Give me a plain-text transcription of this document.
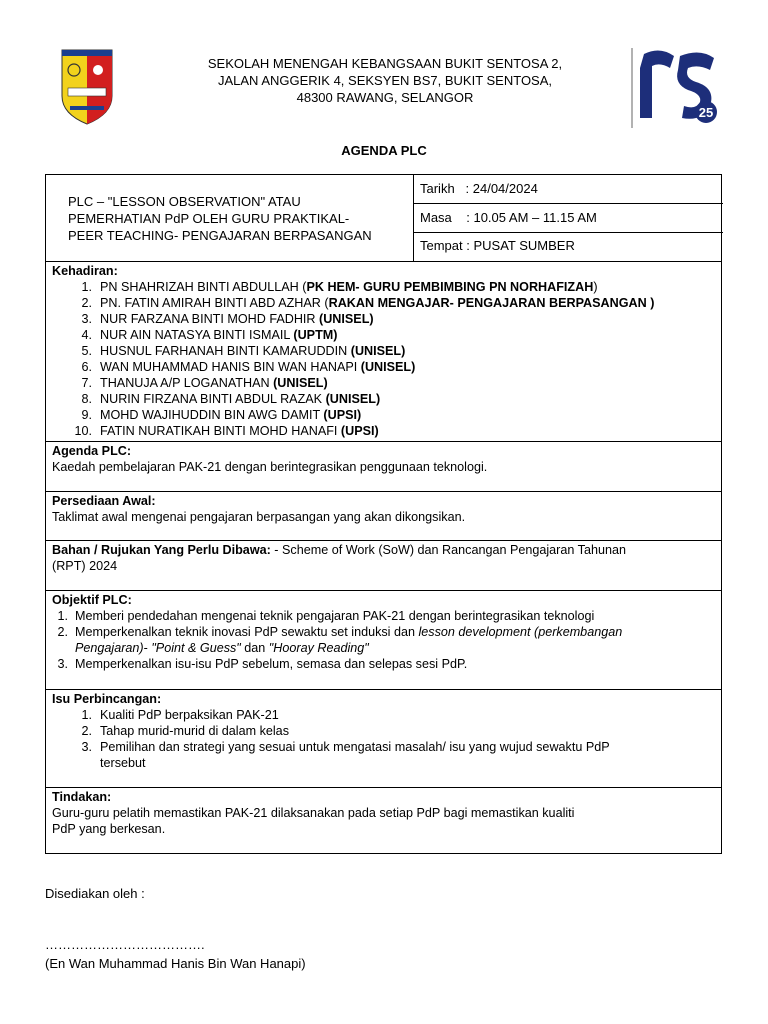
SEKOLAH MENENGAH KEBANGSAAN BUKIT SENTOSA 2,
JALAN ANGGERIK 4, SEKSYEN BS7, BUKIT SENTOSA,
48300 RAWANG, SELANGOR
25
AGENDA PLC
PLC – "LESSON OBSERVATION" ATAU
PEMERHATIAN PdP OLEH GURU PRAKTIKAL-
PEER TEACHING- PENGAJARAN BERPASANGAN
Tarikh : 24/04/2024
Masa : 10.05 AM – 11.15 AM
Tempat : PUSAT SUMBER
Kehadiran:
1. PN SHAHRIZAH BINTI ABDULLAH (PK HEM- GURU PEMBIMBING PN NORHAFIZAH)
2. PN. FATIN AMIRAH BINTI ABD AZHAR (RAKAN MENGAJAR- PENGAJARAN BERPASANGAN )
3. NUR FARZANA BINTI MOHD FADHIR (UNISEL)
4. NUR AIN NATASYA BINTI ISMAIL (UPTM)
5. HUSNUL FARHANAH BINTI KAMARUDDIN (UNISEL)
6. WAN MUHAMMAD HANIS BIN WAN HANAPI (UNISEL)
7. THANUJA A/P LOGANATHAN (UNISEL)
8. NURIN FIRZANA BINTI ABDUL RAZAK (UNISEL)
9. MOHD WAJIHUDDIN BIN AWG DAMIT (UPSI)
10. FATIN NURATIKAH BINTI MOHD HANAFI (UPSI)
Agenda PLC:
Kaedah pembelajaran PAK-21 dengan berintegrasikan penggunaan teknologi.
Persediaan Awal:
Taklimat awal mengenai pengajaran berpasangan yang akan dikongsikan.
Bahan / Rujukan Yang Perlu Dibawa: - Scheme of Work (SoW) dan Rancangan Pengajaran Tahunan
(RPT) 2024
Objektif PLC:
1. Memberi pendedahan mengenai teknik pengajaran PAK-21 dengan berintegrasikan teknologi
2. Memperkenalkan teknik inovasi PdP sewaktu set induksi dan lesson development (perkembangan
Pengajaran)- "Point & Guess" dan "Hooray Reading"
3. Memperkenalkan isu-isu PdP sebelum, semasa dan selepas sesi PdP.
Isu Perbincangan:
1. Kualiti PdP berpaksikan PAK-21
2. Tahap murid-murid di dalam kelas
3. Pemilihan dan strategi yang sesuai untuk mengatasi masalah/ isu yang wujud sewaktu PdP
tersebut
Tindakan:
Guru-guru pelatih memastikan PAK-21 dilaksanakan pada setiap PdP bagi memastikan kualiti
PdP yang berkesan.
Disediakan oleh :
……………………………….
(En Wan Muhammad Hanis Bin Wan Hanapi)
